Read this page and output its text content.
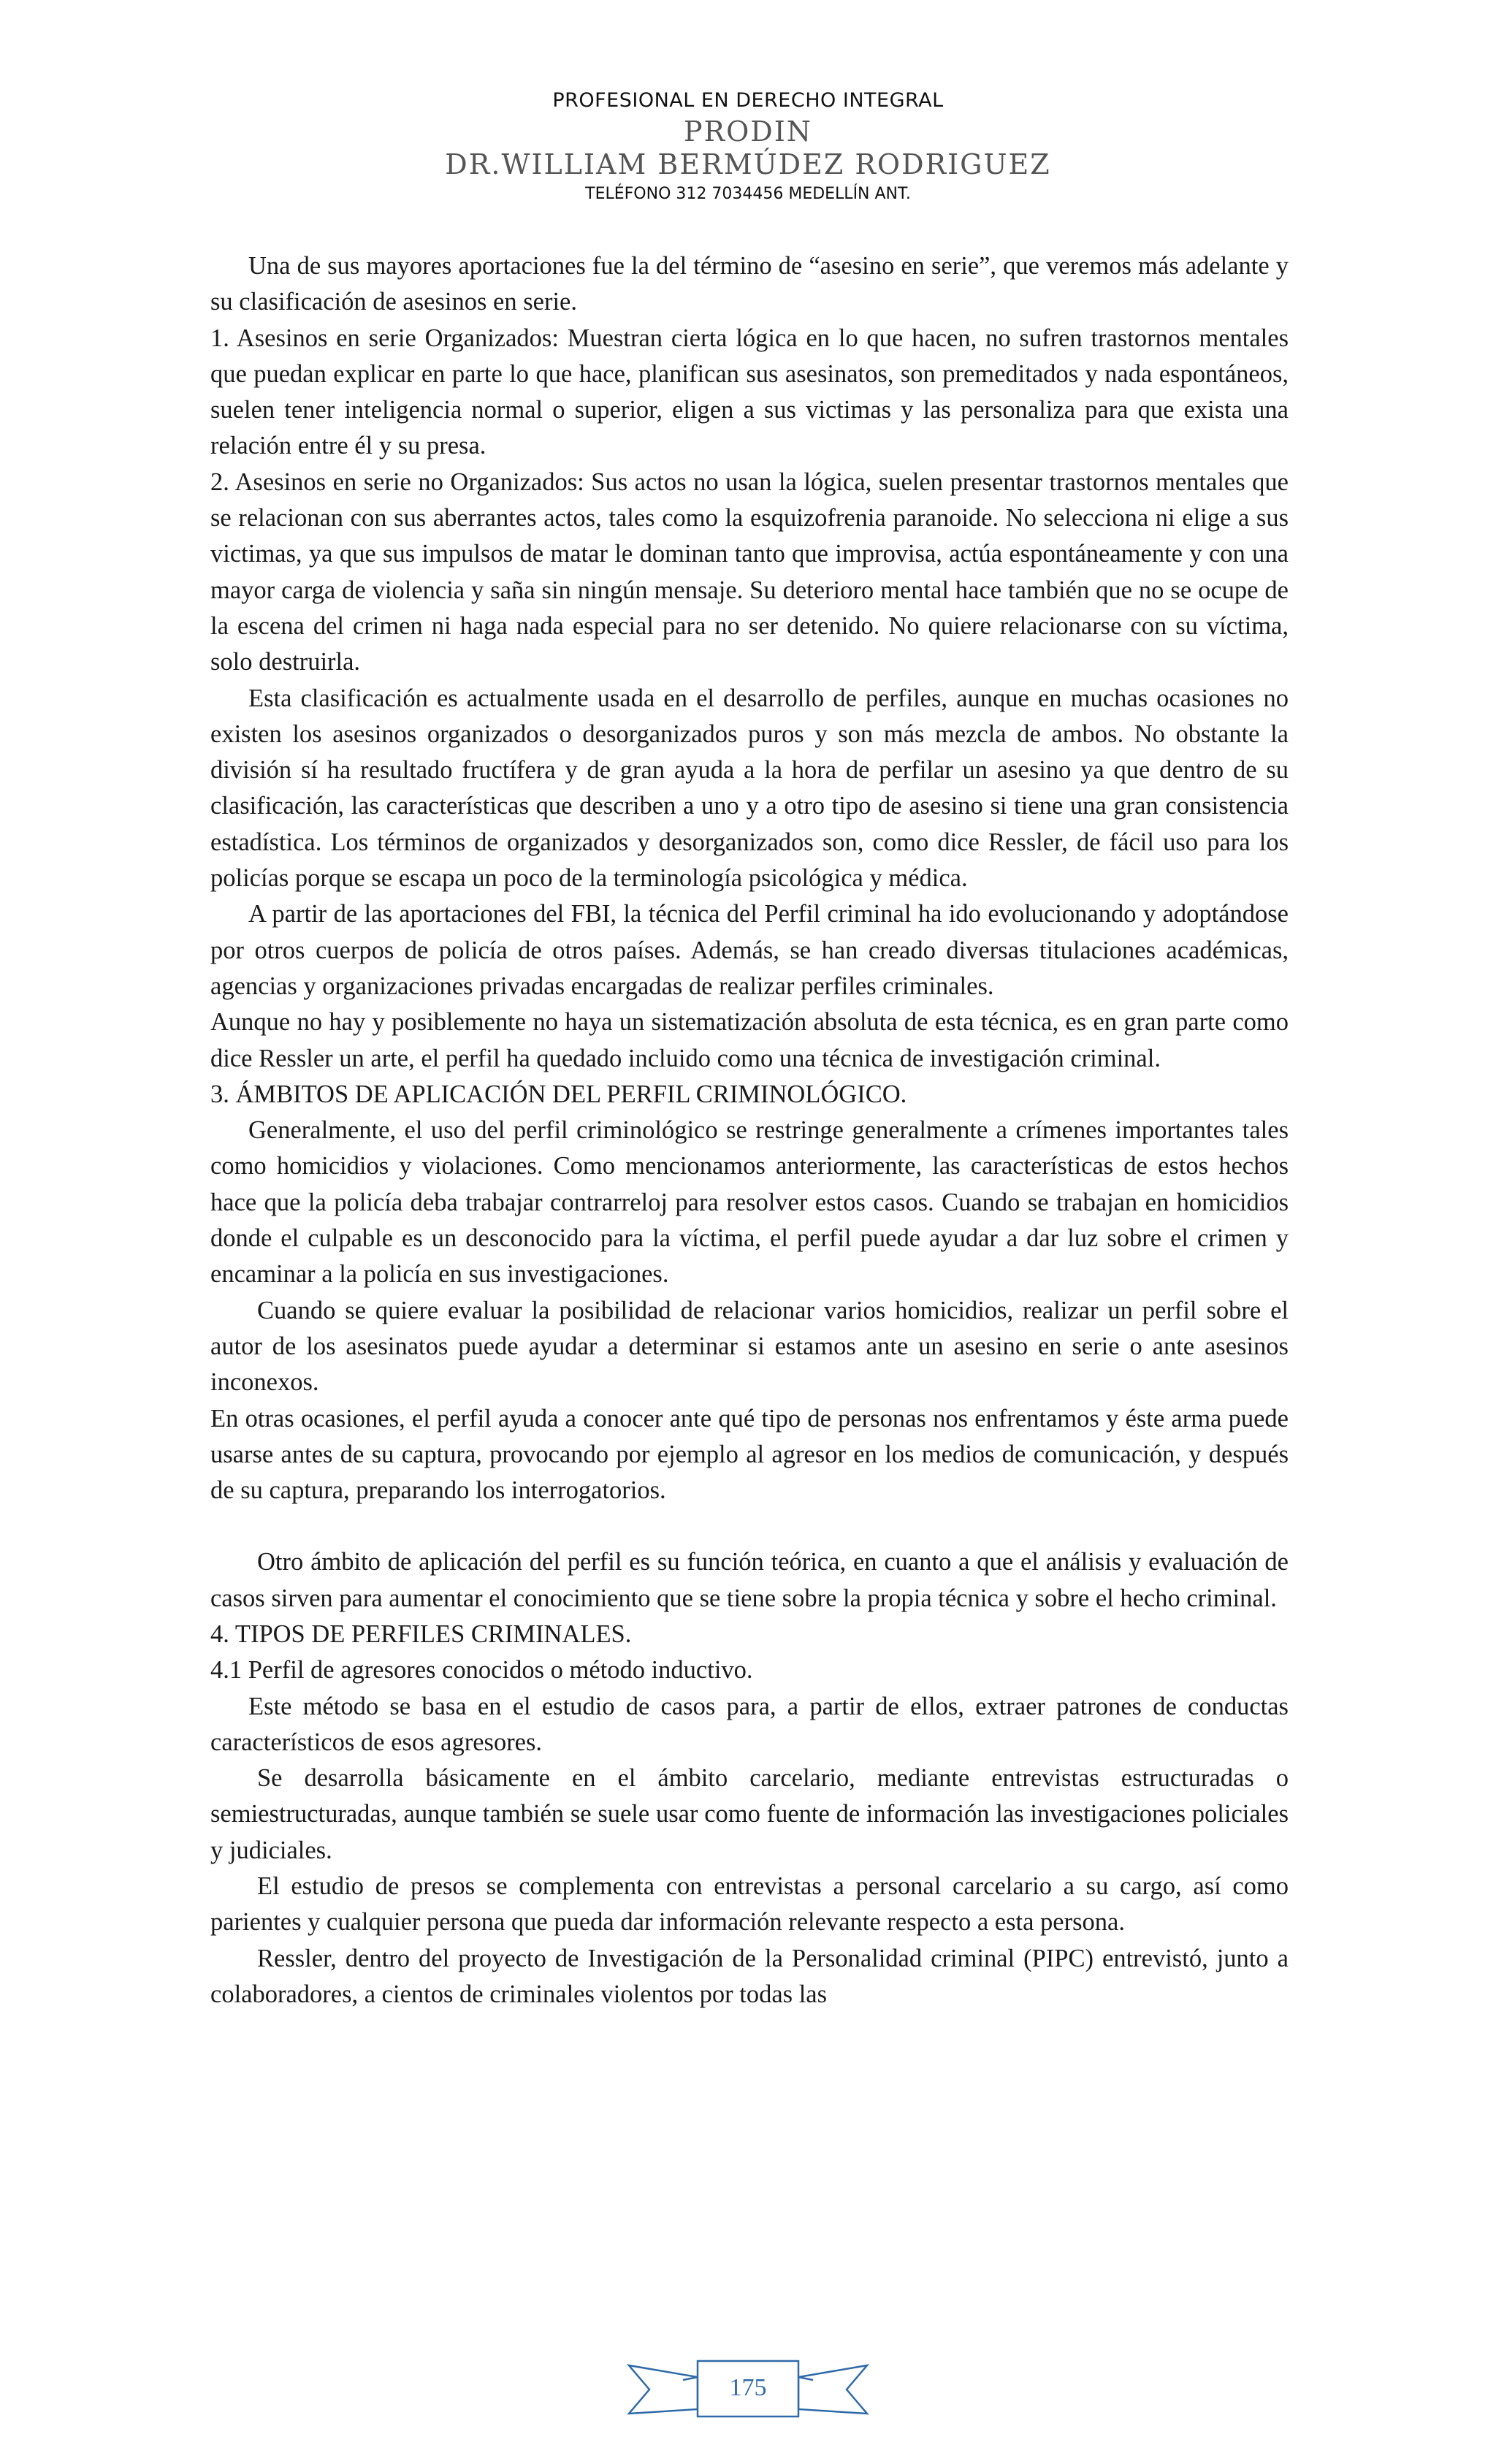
PROFESIONAL EN DERECHO INTEGRAL
PRODIN
DR.WILLIAM BERMÚDEZ RODRIGUEZ
TELÉFONO 312 7034456 MEDELLÍN ANT.

Una de sus mayores aportaciones fue la del término de “asesino en serie”, que veremos más adelante y su clasificación de asesinos en serie.

1. Asesinos en serie Organizados: Muestran cierta lógica en lo que hacen, no sufren trastornos mentales que puedan explicar en parte lo que hace, planifican sus asesinatos, son premeditados y nada espontáneos, suelen tener inteligencia normal o superior, eligen a sus victimas y las personaliza para que exista una relación entre él y su presa.

2. Asesinos en serie no Organizados: Sus actos no usan la lógica, suelen presentar trastornos mentales que se relacionan con sus aberrantes actos, tales como la esquizofrenia paranoide. No selecciona ni elige a sus victimas, ya que sus impulsos de matar le dominan tanto que improvisa, actúa espontáneamente y con una mayor carga de violencia y saña sin ningún mensaje. Su deterioro mental hace también que no se ocupe de la escena del crimen ni haga nada especial para no ser detenido. No quiere relacionarse con su víctima, solo destruirla.

Esta clasificación es actualmente usada en el desarrollo de perfiles, aunque en muchas ocasiones no existen los asesinos organizados o desorganizados puros y son más mezcla de ambos. No obstante la división sí ha resultado fructífera y de gran ayuda a la hora de perfilar un asesino ya que dentro de su clasificación, las características que describen a uno y a otro tipo de asesino si tiene una gran consistencia estadística. Los términos de organizados y desorganizados son, como dice Ressler, de fácil uso para los policías porque se escapa un poco de la terminología psicológica y médica.

A partir de las aportaciones del FBI, la técnica del Perfil criminal ha ido evolucionando y adoptándose por otros cuerpos de policía de otros países. Además, se han creado diversas titulaciones académicas, agencias y organizaciones privadas encargadas de realizar perfiles criminales.

Aunque no hay y posiblemente no haya un sistematización absoluta de esta técnica, es en gran parte como dice Ressler un arte, el perfil ha quedado incluido como una técnica de investigación criminal.

3. ÁMBITOS DE APLICACIÓN DEL PERFIL CRIMINOLÓGICO.

Generalmente, el uso del perfil criminológico se restringe generalmente a crímenes importantes tales como homicidios y violaciones. Como mencionamos anteriormente, las características de estos hechos hace que la policía deba trabajar contrarreloj para resolver estos casos. Cuando se trabajan en homicidios donde el culpable es un desconocido para la víctima, el perfil puede ayudar a dar luz sobre el crimen y encaminar a la policía en sus investigaciones.

Cuando se quiere evaluar la posibilidad de relacionar varios homicidios, realizar un perfil sobre el autor de los asesinatos puede ayudar a determinar si estamos ante un asesino en serie o ante asesinos inconexos.

En otras ocasiones, el perfil ayuda a conocer ante qué tipo de personas nos enfrentamos y éste arma puede usarse antes de su captura, provocando por ejemplo al agresor en los medios de comunicación, y después de su captura, preparando los interrogatorios.

Otro ámbito de aplicación del perfil es su función teórica, en cuanto a que el análisis y evaluación de casos sirven para aumentar el conocimiento que se tiene sobre la propia técnica y sobre el hecho criminal.

4. TIPOS DE PERFILES CRIMINALES.

4.1 Perfil de agresores conocidos o método inductivo.

Este método se basa en el estudio de casos para, a partir de ellos, extraer patrones de conductas característicos de esos agresores.

Se desarrolla básicamente en el ámbito carcelario, mediante entrevistas estructuradas o semiestructuradas, aunque también se suele usar como fuente de información las investigaciones policiales y judiciales.

El estudio de presos se complementa con entrevistas a personal carcelario a su cargo, así como parientes y cualquier persona que pueda dar información relevante respecto a esta persona.

Ressler, dentro del proyecto de Investigación de la Personalidad criminal (PIPC) entrevistó, junto a colaboradores, a cientos de criminales violentos por todas las

175
